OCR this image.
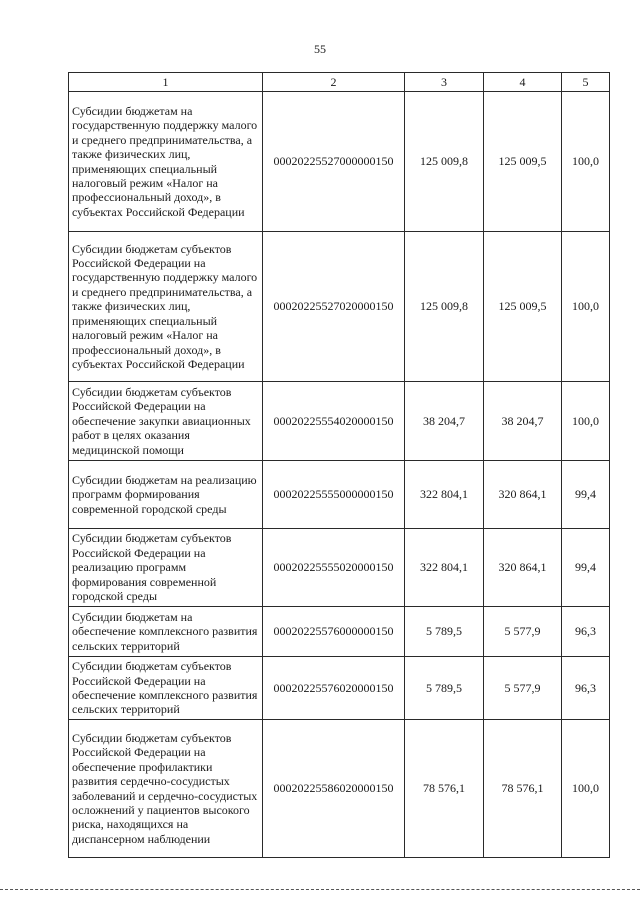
55
1	2	3	4	5
Субсидии бюджетам на государственную поддержку малого и среднего предпринимательства, а также физических лиц, применяющих специальный налоговый режим «Налог на профессиональный доход», в субъектах Российской Федерации	00020225527000000150	125 009,8	125 009,5	100,0
Субсидии бюджетам субъектов Российской Федерации на государственную поддержку малого и среднего предпринимательства, а также физических лиц, применяющих специальный налоговый режим «Налог на профессиональный доход», в субъектах Российской Федерации	00020225527020000150	125 009,8	125 009,5	100,0
Субсидии бюджетам субъектов Российской Федерации на обеспечение закупки авиационных работ в целях оказания медицинской помощи	00020225554020000150	38 204,7	38 204,7	100,0
Субсидии бюджетам на реализацию программ формирования современной городской среды	00020225555000000150	322 804,1	320 864,1	99,4
Субсидии бюджетам субъектов Российской Федерации на реализацию программ формирования современной городской среды	00020225555020000150	322 804,1	320 864,1	99,4
Субсидии бюджетам на обеспечение комплексного развития сельских территорий	00020225576000000150	5 789,5	5 577,9	96,3
Субсидии бюджетам субъектов Российской Федерации на обеспечение комплексного развития сельских территорий	00020225576020000150	5 789,5	5 577,9	96,3
Субсидии бюджетам субъектов Российской Федерации на обеспечение профилактики развития сердечно-сосудистых заболеваний и сердечно-сосудистых осложнений у пациентов высокого риска, находящихся на диспансерном наблюдении	00020225586020000150	78 576,1	78 576,1	100,0
